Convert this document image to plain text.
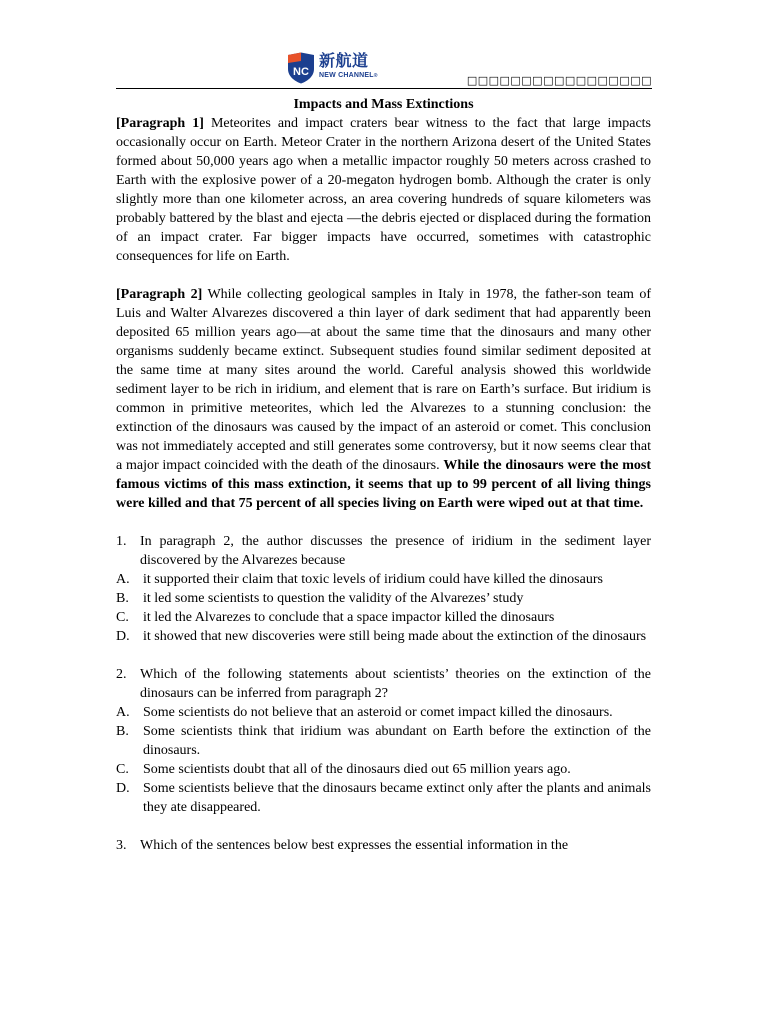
NC
新航道
NEW CHANNEL®	□□□□□□□□□□□□□□□□□
Impacts and Mass Extinctions

[Paragraph 1] Meteorites and impact craters bear witness to the fact that large impacts occasionally occur on Earth. Meteor Crater in the northern Arizona desert of the United States formed about 50,000 years ago when a metallic impactor roughly 50 meters across crashed to Earth with the explosive power of a 20-megaton hydrogen bomb. Although the crater is only slightly more than one kilometer across, an area covering hundreds of square kilometers was probably battered by the blast and ejecta —the debris ejected or displaced during the formation of an impact crater. Far bigger impacts have occurred, sometimes with catastrophic consequences for life on Earth.

[Paragraph 2] While collecting geological samples in Italy in 1978, the father-son team of Luis and Walter Alvarezes discovered a thin layer of dark sediment that had apparently been deposited 65 million years ago—at about the same time that the dinosaurs and many other organisms suddenly became extinct. Subsequent studies found similar sediment deposited at the same time at many sites around the world. Careful analysis showed this worldwide sediment layer to be rich in iridium, and element that is rare on Earth’s surface. But iridium is common in primitive meteorites, which led the Alvarezes to a stunning conclusion: the extinction of the dinosaurs was caused by the impact of an asteroid or comet. This conclusion was not immediately accepted and still generates some controversy, but it now seems clear that a major impact coincided with the death of the dinosaurs. While the dinosaurs were the most famous victims of this mass extinction, it seems that up to 99 percent of all living things were killed and that 75 percent of all species living on Earth were wiped out at that time.

1. In paragraph 2, the author discusses the presence of iridium in the sediment layer discovered by the Alvarezes because
A. it supported their claim that toxic levels of iridium could have killed the dinosaurs
B.	it led some scientists to question the validity of the Alvarezes’ study
C.	it led the Alvarezes to conclude that a space impactor killed the dinosaurs
D. it showed that new discoveries were still being made about the extinction of the dinosaurs
2. Which of the following statements about scientists’ theories on the extinction of the dinosaurs can be inferred from paragraph 2?
A. Some scientists do not believe that an asteroid or comet impact killed the dinosaurs.
B.	Some scientists think that iridium was abundant on Earth before the extinction of the dinosaurs.
C.	Some scientists doubt that all of the dinosaurs died out 65 million years ago.
D. Some scientists believe that the dinosaurs became extinct only after the plants and animals they ate disappeared.
3. Which of the sentences below best expresses the essential information in the
